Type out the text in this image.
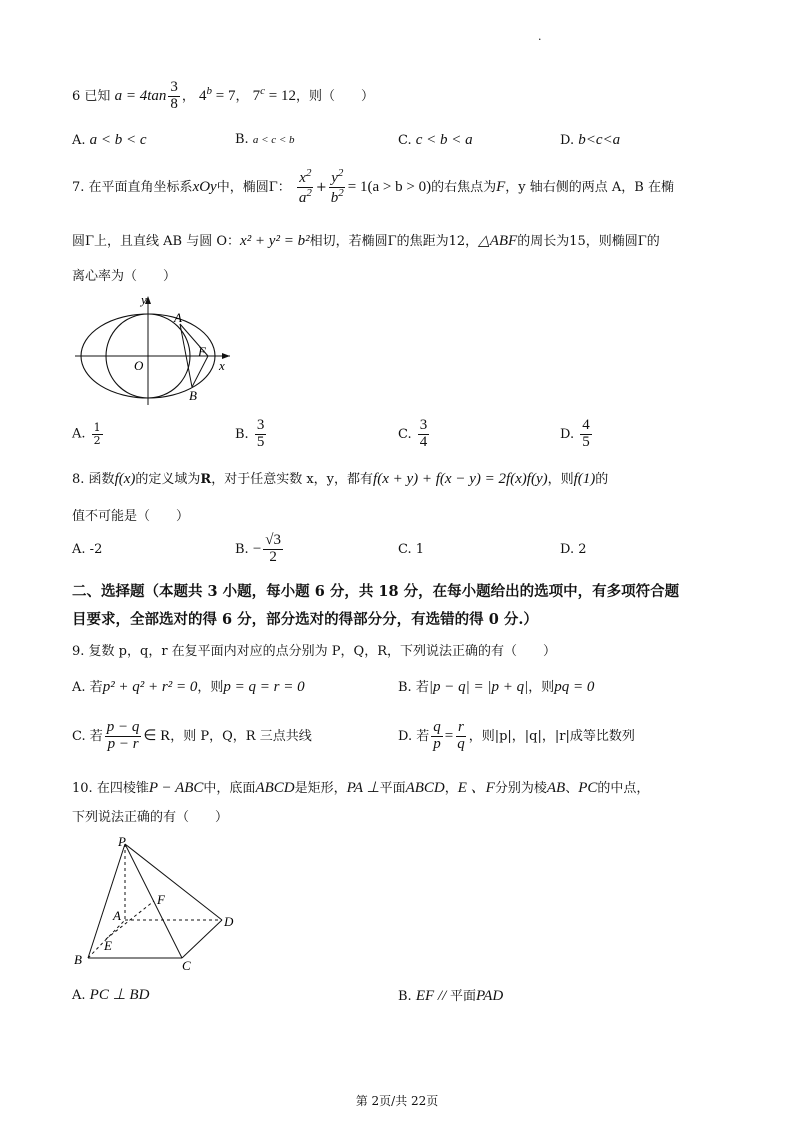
.
6 已知 $a = 4\tan \frac{3}{8}$ ， $4^b = 7$， $7^c = 12$，则（　　）
A. a < b < c	B. a < c < b	C. c < b < a	D. b<c<a
7. 在平面直角坐标系xOy中，椭圆Γ： $\frac{x^2}{a^2} + \frac{y^2}{b^2} = 1(a > b > 0)$的右焦点为F，y 轴右侧的两点 A，B 在椭
圆Γ上，且直线 AB 与圆 O：x² + y² = b²相切，若椭圆Γ的焦距为12，△ABF的周长为15，则椭圆Γ的
离心率为（　　）
y
A
F
O	x
B
A. $\frac{1}{2}$	B. $\frac{3}{5}$	C. $\frac{3}{4}$	D. $\frac{4}{5}$
8. 函数f(x)的定义域为R，对于任意实数 x，y，都有f(x + y) + f(x − y) = 2f(x)f(y)，则f(1)的
值不可能是（　　）
A. -2	B. − $\frac{√3}{2}$	C. 1	D. 2
二、选择题（本题共 3 小题，每小题 6 分，共 18 分，在每小题给出的选项中，有多项符合题
目要求，全部选对的得 6 分，部分选对的得部分分，有选错的得 0 分.）
9. 复数 p，q，r 在复平面内对应的点分别为 P，Q，R，下列说法正确的有（　　）
A. 若p² + q² + r² = 0，则p = q = r = 0	B. 若|p − q| = |p + q|，则pq = 0
C. 若 $\frac{p - q}{p - r}$ ∈ R，则 P，Q，R 三点共线	D. 若 $\frac{q}{p} = \frac{r}{q}$ ，则|p|，|q|，|r|成等比数列
10. 在四棱锥P − ABC中，底面ABCD是矩形，PA ⊥平面ABCD，E 、F分别为棱AB、PC的中点，
下列说法正确的有（　　）
P
A
F
D
E
B	C
A. PC ⊥ BD	B. EF // 平面PAD
第 2页/共 22页
